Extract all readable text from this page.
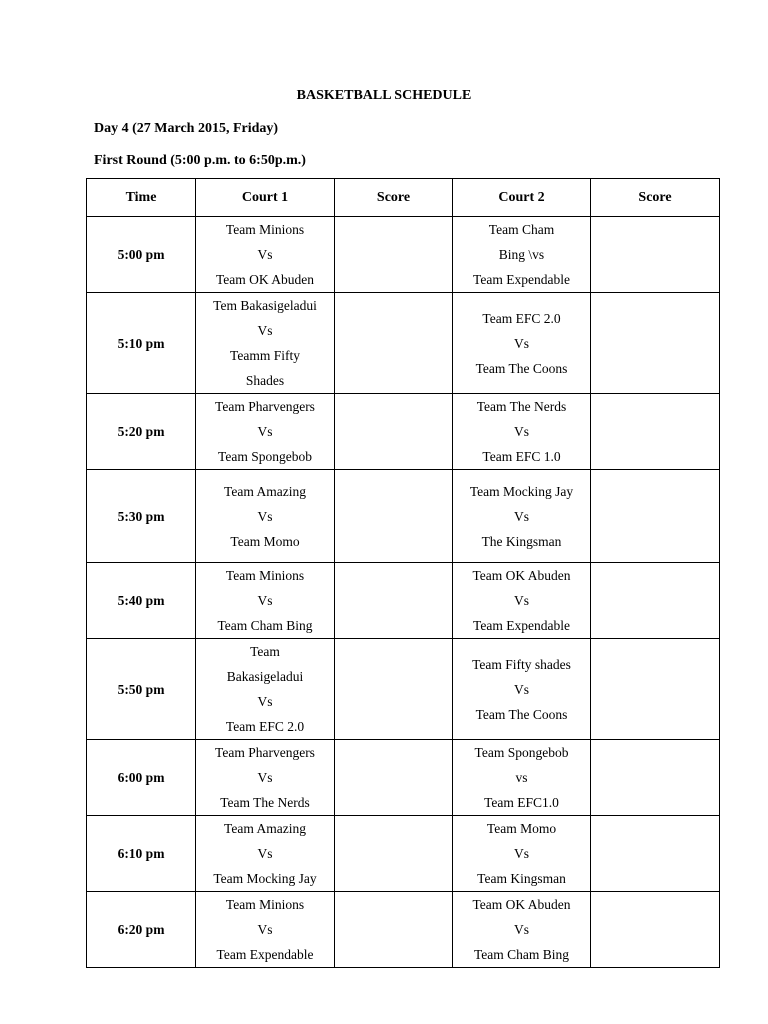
BASKETBALL SCHEDULE
Day 4 (27 March 2015, Friday)
First Round (5:00 p.m. to 6:50p.m.)
Time	Court 1	Score	Court 2	Score
5:00 pm	Team Minions
Vs
Team OK Abuden		Team Cham
Bing \vs
Team Expendable	

5:10 pm	Tem Bakasigeladui
Vs
Teamm Fifty
Shades		Team EFC 2.0
Vs
Team The Coons	

5:20 pm	Team Pharvengers
Vs
Team Spongebob		Team The Nerds
Vs
Team EFC 1.0	

5:30 pm	Team Amazing
Vs
Team Momo		Team Mocking Jay
Vs
The Kingsman	

5:40 pm	Team Minions
Vs
Team Cham Bing		Team OK Abuden
Vs
Team Expendable	

5:50 pm	Team
Bakasigeladui
Vs
Team EFC 2.0		Team Fifty shades
Vs
Team The Coons	

6:00 pm	Team Pharvengers
Vs
Team The Nerds		Team Spongebob
vs
Team EFC1.0	

6:10 pm	Team Amazing
Vs
Team Mocking Jay		Team Momo
Vs
Team Kingsman	

6:20 pm	Team Minions
Vs
Team Expendable		Team OK Abuden
Vs
Team Cham Bing	
